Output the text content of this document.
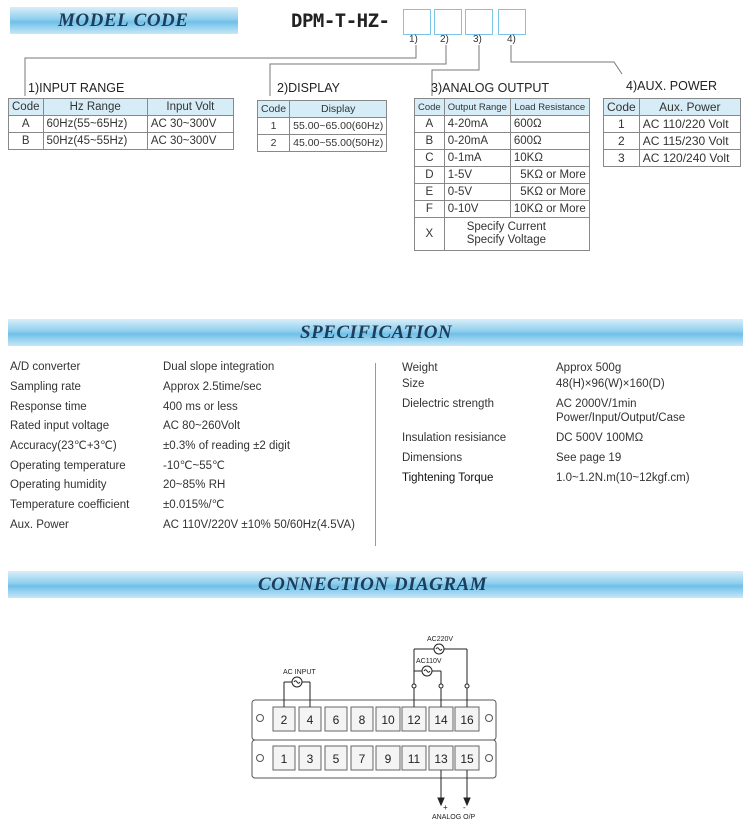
MODEL CODE	DPM-T-HZ-
1) 2) 3)	4)
1)INPUT RANGE
Code	Hz Range	Input Volt
A	60Hz(55~65Hz)	AC 30~300V
B	50Hz(45~55Hz)	AC 30~300V
2)DISPLAY
Code	Display
1	55.00~65.00(60Hz)
2	45.00~55.00(50Hz)
3)ANALOG OUTPUT
Code	Output Range	Load Resistance
A	4-20mA	600Ω
B	0-20mA	600Ω
C	0-1mA	10KΩ
D	1-5V	5KΩ or More
E	0-5V	5KΩ or More
F	0-10V	10KΩ or More
X	Specify Current
Specify Voltage	
4)AUX. POWER
Code	Aux. Power
1	AC 110/220 Volt
2	AC 115/230 Volt
3	AC 120/240 Volt
SPECIFICATION
A/D converter	Dual slope integration
Sampling rate	Approx 2.5time/sec
Response time	400 ms or less
Rated input voltage	AC 80~260Volt
Accuracy(23℃+3℃)	±0.3% of reading ±2 digit
Operating temperature	-10℃~55℃
Operating humidity	20~85% RH
Temperature coefficient	±0.015%/℃
Aux. Power	AC 110V/220V ±10% 50/60Hz(4.5VA)
Weight	Approx 500g
Size	48(H)×96(W)×160(D)
Dielectric strength	AC 2000V/1min
Power/Input/Output/Case
Insulation resisiance	DC 500V 100MΩ
Dimensions	See page 19
Tightening Torque	1.0~1.2N.m(10~12kgf.cm)
CONNECTION DIAGRAM
2 4 6 8 10 12 14 16
1 3 5 7 9 11 13 15
AC INPUT
AC220V
AC110V
+ -
ANALOG O/P
